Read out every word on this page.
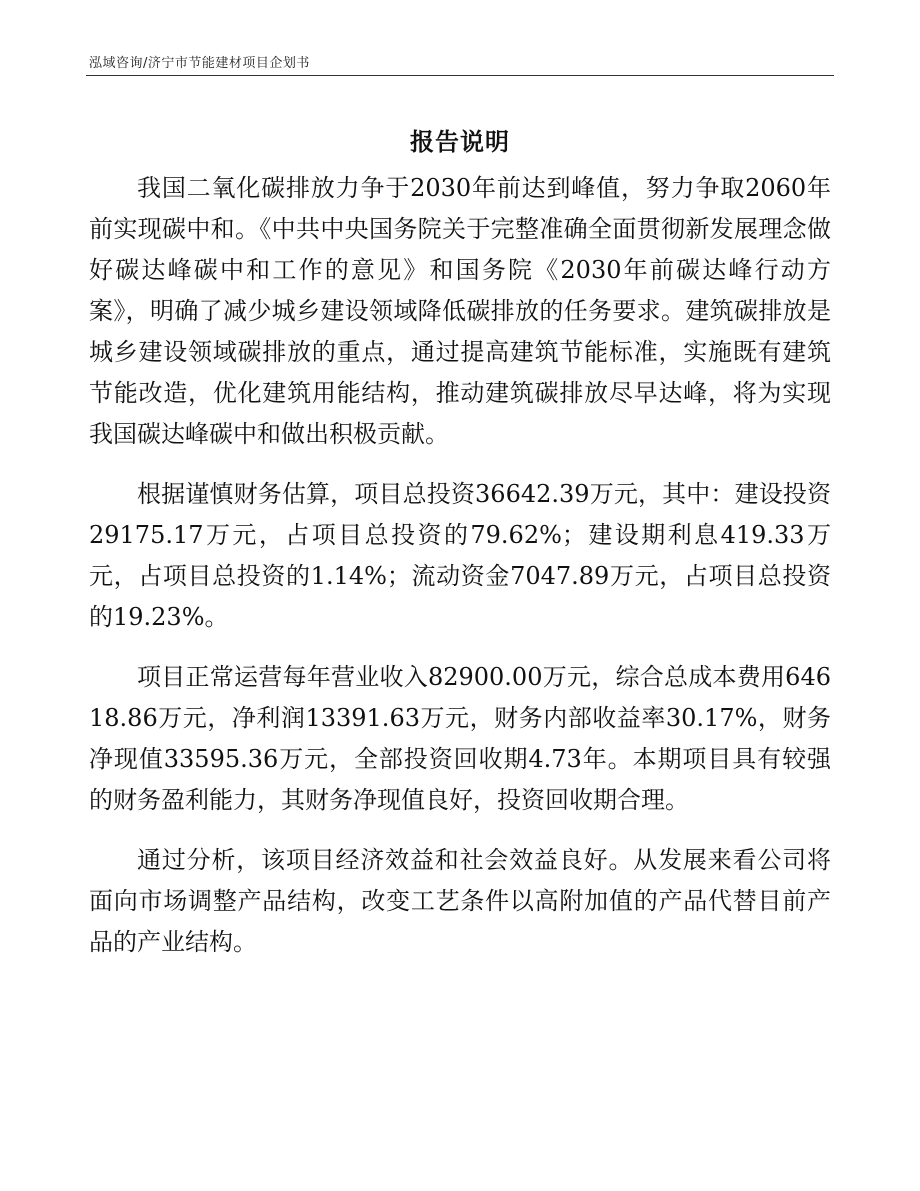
泓域咨询/济宁市节能建材项目企划书
报告说明

我国二氧化碳排放力争于2030年前达到峰值，努力争取2060年前实现碳中和。《中共中央国务院关于完整准确全面贯彻新发展理念做好碳达峰碳中和工作的意见》和国务院《2030年前碳达峰行动方案》，明确了减少城乡建设领域降低碳排放的任务要求。建筑碳排放是城乡建设领域碳排放的重点，通过提高建筑节能标准，实施既有建筑节能改造，优化建筑用能结构，推动建筑碳排放尽早达峰，将为实现我国碳达峰碳中和做出积极贡献。

根据谨慎财务估算，项目总投资36642.39万元，其中：建设投资29175.17万元，占项目总投资的79.62%；建设期利息419.33万元，占项目总投资的1.14%；流动资金7047.89万元，占项目总投资的19.23%。

项目正常运营每年营业收入82900.00万元，综合总成本费用64618.86万元，净利润13391.63万元，财务内部收益率30.17%，财务净现值33595.36万元，全部投资回收期4.73年。本期项目具有较强的财务盈利能力，其财务净现值良好，投资回收期合理。

通过分析，该项目经济效益和社会效益良好。从发展来看公司将面向市场调整产品结构，改变工艺条件以高附加值的产品代替目前产品的产业结构。
